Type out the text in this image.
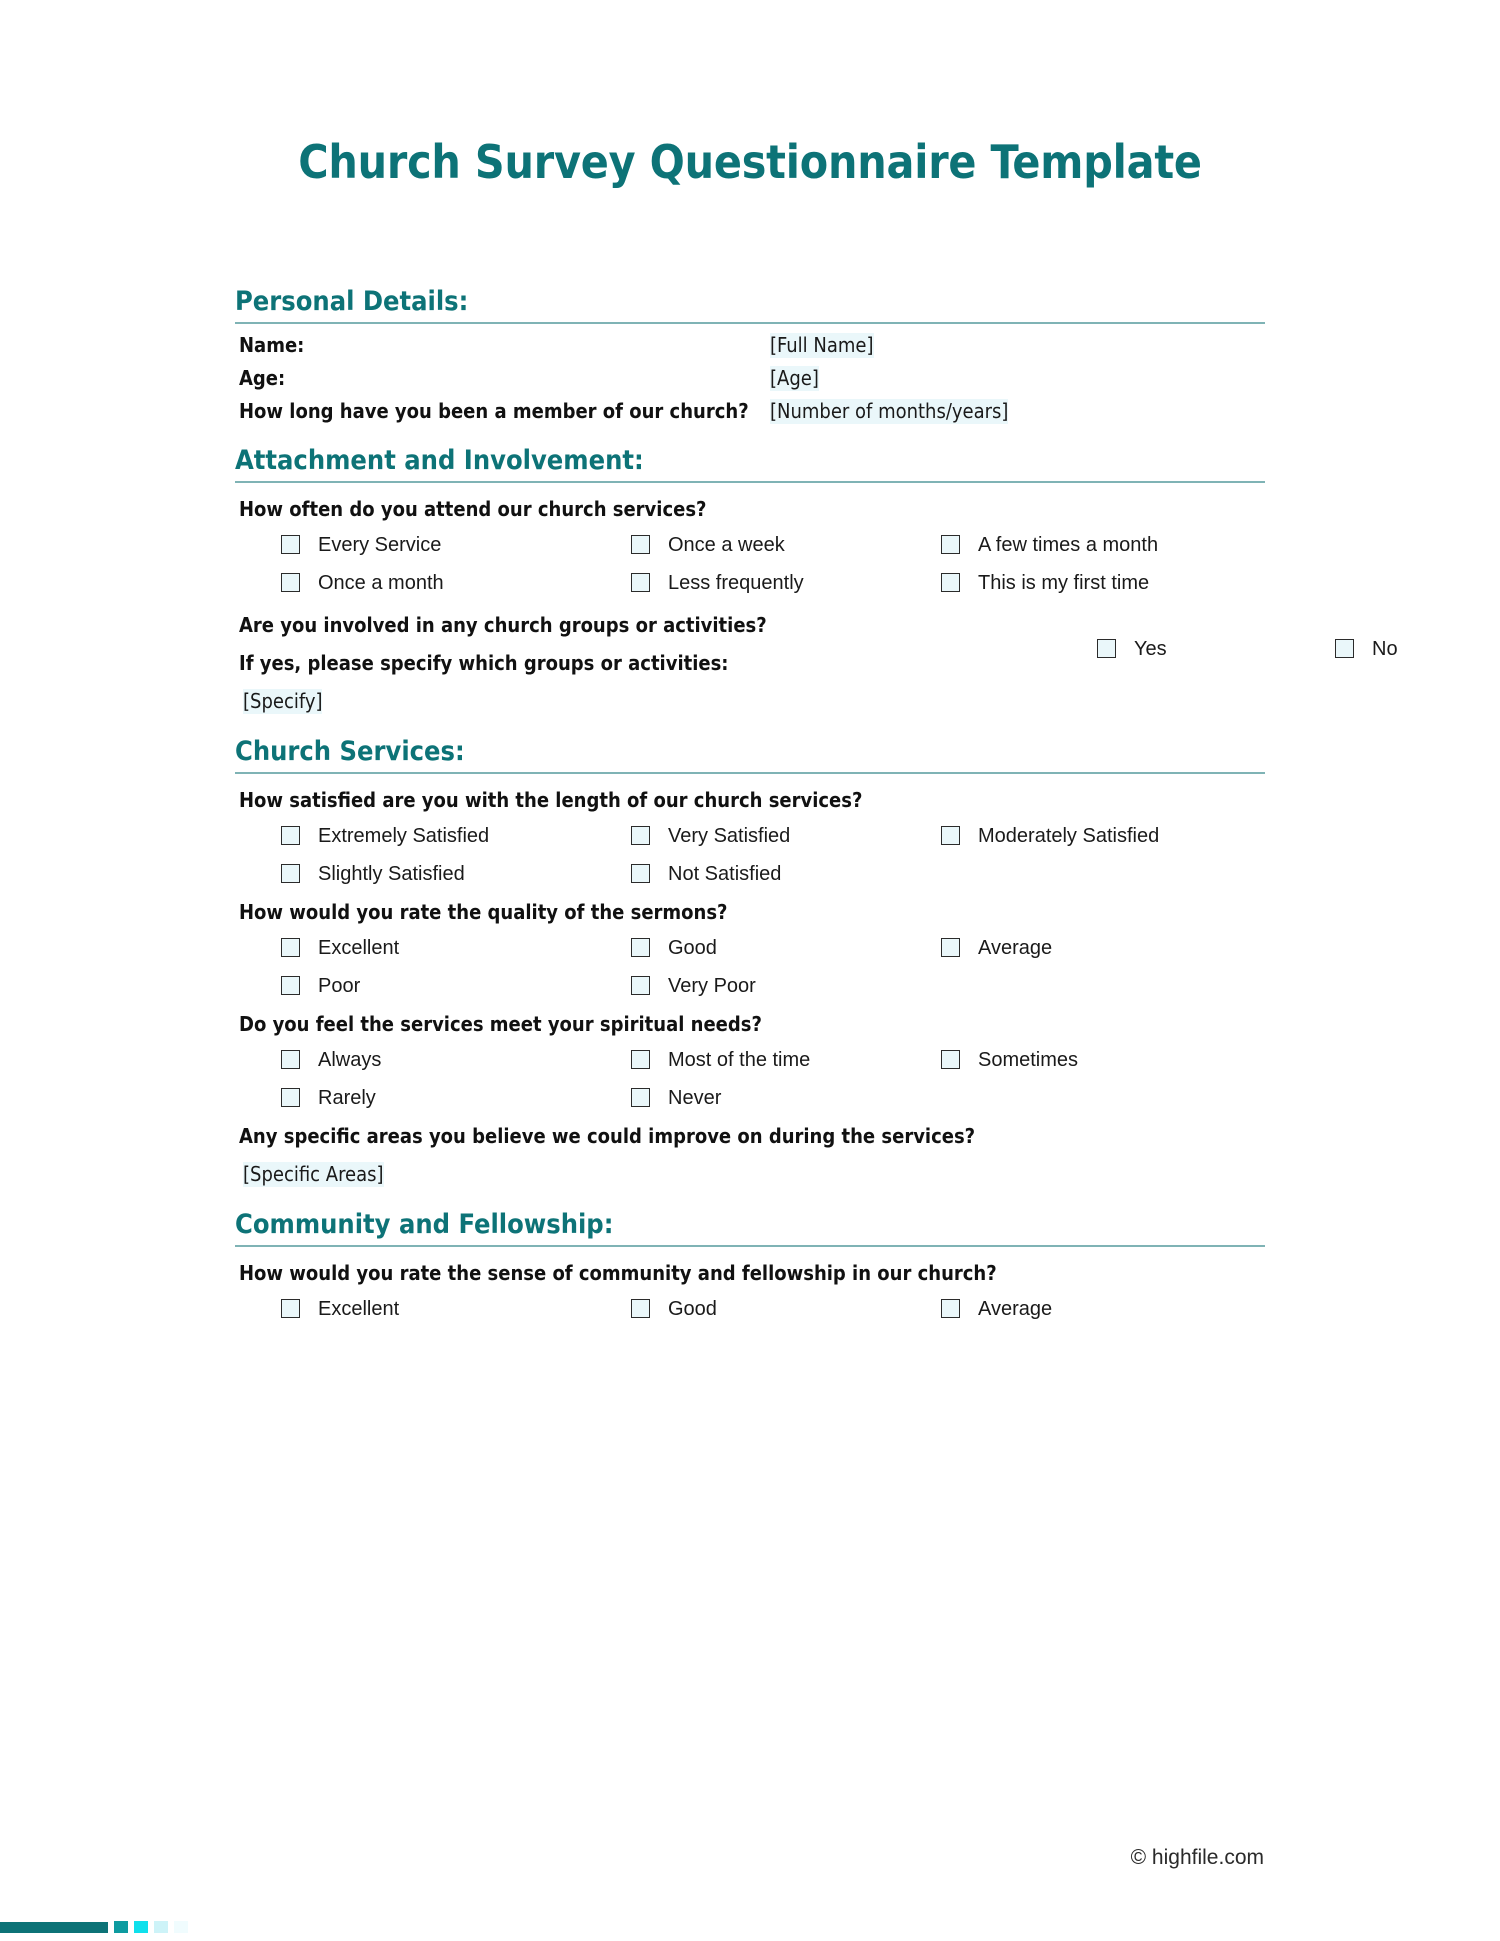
Church Survey Questionnaire Template
Personal Details:
Name:	[Full Name]
Age:	[Age]
How long have you been a member of our church? [Number of months/years]
Attachment and Involvement:
How often do you attend our church services?
Every Service	Once a week	A few times a month
Once a month	Less frequently	This is my first time
Are you involved in any church groups or activities?
Yes	No
If yes, please specify which groups or activities:
[Specify]
Church Services:
How satisfied are you with the length of our church services?
Extremely Satisfied	Very Satisfied	Moderately Satisfied
Slightly Satisfied	Not Satisfied
How would you rate the quality of the sermons?
Excellent	Good	Average
Poor	Very Poor
Do you feel the services meet your spiritual needs?
Always	Most of the time	Sometimes
Rarely	Never
Any specific areas you believe we could improve on during the services?
[Specific Areas]
Community and Fellowship:
How would you rate the sense of community and fellowship in our church?
Excellent	Good	Average
© highfile.com
